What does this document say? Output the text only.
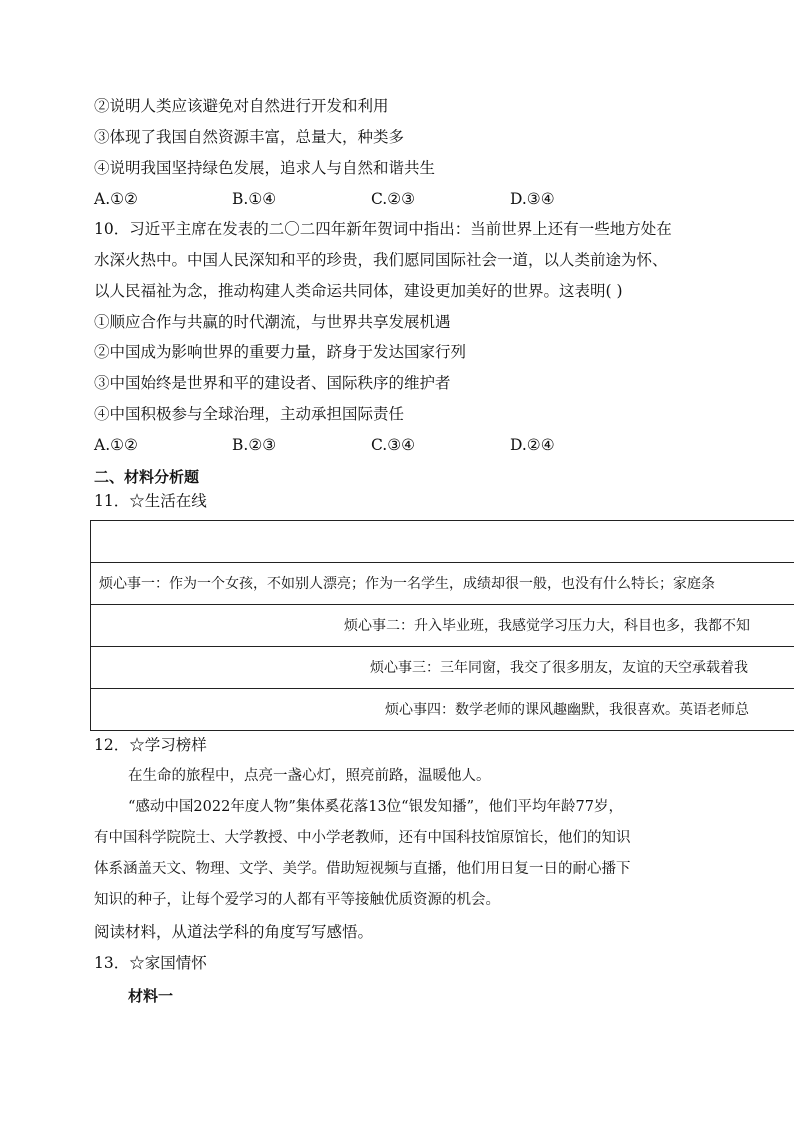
②说明人类应该避免对自然进行开发和利用
③体现了我国自然资源丰富，总量大，种类多
④说明我国坚持绿色发展，追求人与自然和谐共生
A.①②	B.①④	C.②③	D.③④
10．习近平主席在发表的二〇二四年新年贺词中指出：当前世界上还有一些地方处在
水深火热中。中国人民深知和平的珍贵，我们愿同国际社会一道，以人类前途为怀、
以人民福祉为念，推动构建人类命运共同体，建设更加美好的世界。这表明( )
①顺应合作与共赢的时代潮流，与世界共享发展机遇
②中国成为影响世界的重要力量，跻身于发达国家行列
③中国始终是世界和平的建设者、国际秩序的维护者
④中国积极参与全球治理，主动承担国际责任
A.①②	B.②③	C.③④	D.②④
二、材料分析题
11．☆生活在线
烦心事一：作为一个女孩，不如别人漂亮；作为一名学生，成绩却很一般，也没有什么特长；家庭条
烦心事二：升入毕业班，我感觉学习压力大，科目也多，我都不知
烦心事三：三年同窗，我交了很多朋友，友谊的天空承载着我
烦心事四：数学老师的课风趣幽默，我很喜欢。英语老师总
12．☆学习榜样
在生命的旅程中，点亮一盏心灯，照亮前路，温暖他人。
“感动中国2022年度人物”集体奚花落13位“银发知播”，他们平均年龄77岁，
有中国科学院院士、大学教授、中小学老教师，还有中国科技馆原馆长，他们的知识
体系涵盖天文、物理、文学、美学。借助短视频与直播，他们用日复一日的耐心播下
知识的种子，让每个爱学习的人都有平等接触优质资源的机会。
阅读材料，从道法学科的角度写写感悟。
13．☆家国情怀
材料一
